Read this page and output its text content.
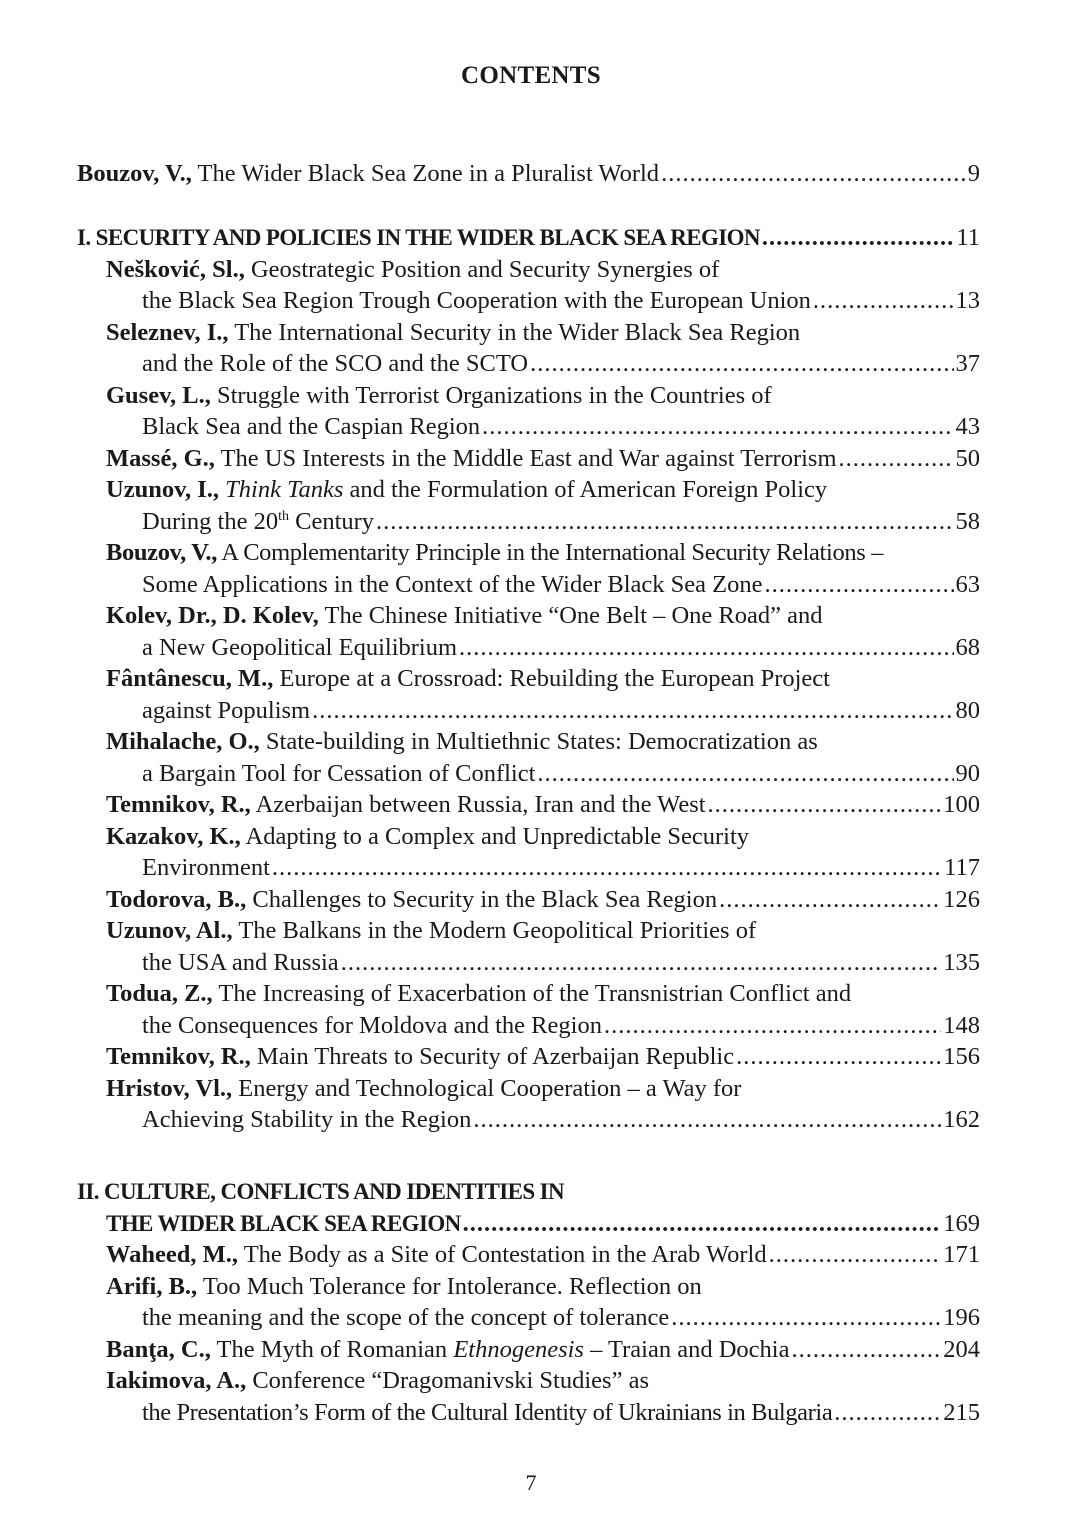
CONTENTS
Bouzov, V., The Wider Black Sea Zone in a Pluralist World .....	9
I. SECURITY AND POLICIES IN THE WIDER BLACK SEA REGION .....	11
Nešković, Sl., Geostrategic Position and Security Synergies of
the Black Sea Region Trough Cooperation with the European Union .....	13
Seleznev, I., The International Security in the Wider Black Sea Region
and the Role of the SCO and the SCTO .....	37
Gusev, L., Struggle with Terrorist Organizations in the Countries of
Black Sea and the Caspian Region .....	43
Massé, G., The US Interests in the Middle East and War against Terrorism .....	50
Uzunov, I., Think Tanks and the Formulation of American Foreign Policy
During the 20th Century .....	58
Bouzov, V., A Complementarity Principle in the International Security Relations –
Some Applications in the Context of the Wider Black Sea Zone .....	63
Kolev, Dr., D. Kolev, The Chinese Initiative “One Belt – One Road” and
a New Geopolitical Equilibrium .....	68
Fântânescu, M., Europe at a Crossroad: Rebuilding the European Project
against Populism .....	80
Mihalache, O., State-building in Multiethnic States: Democratization as
a Bargain Tool for Cessation of Conflict .....	90
Temnikov, R., Azerbaijan between Russia, Iran and the West .....	100
Kazakov, K., Adapting to a Complex and Unpredictable Security
Environment .....	117
Todorova, B., Challenges to Security in the Black Sea Region .....	126
Uzunov, Al., The Balkans in the Modern Geopolitical Priorities of
the USA and Russia .....	135
Todua, Z., The Increasing of Exacerbation of the Transnistrian Conflict and
the Consequences for Moldova and the Region .....	148
Temnikov, R., Main Threats to Security of Azerbaijan Republic .....	156
Hristov, Vl., Energy and Technological Cooperation – a Way for
Achieving Stability in the Region .....	162
II. CULTURE, CONFLICTS AND IDENTITIES IN
THE WIDER BLACK SEA REGION .....	169
Waheed, M., The Body as a Site of Contestation in the Arab World .....	171
Arifi, B., Too Much Tolerance for Intolerance. Reflection on
the meaning and the scope of the concept of tolerance .....	196
Banţa, C., The Myth of Romanian Ethnogenesis – Traian and Dochia .....	204
Iakimova, A., Conference “Dragomanivski Studies” as
the Presentation’s Form of the Cultural Identity of Ukrainians in Bulgaria .....	215
7
